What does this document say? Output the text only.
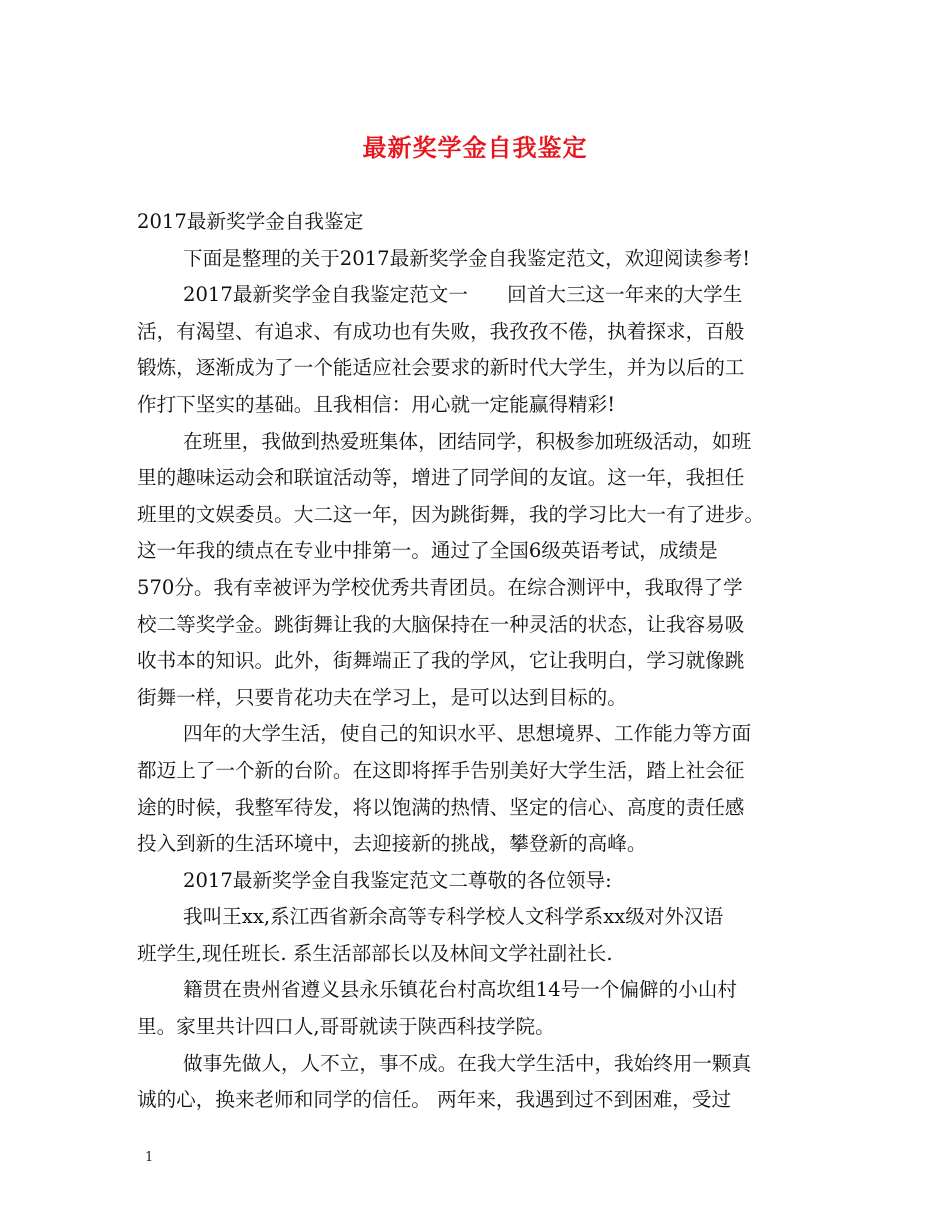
最新奖学金自我鉴定
2017最新奖学金自我鉴定
下面是整理的关于2017最新奖学金自我鉴定范文，欢迎阅读参考!
2017最新奖学金自我鉴定范文一　　回首大三这一年来的大学生
活，有渴望、有追求、有成功也有失败，我孜孜不倦，执着探求，百般
锻炼，逐渐成为了一个能适应社会要求的新时代大学生，并为以后的工
作打下坚实的基础。且我相信：用心就一定能赢得精彩!
在班里，我做到热爱班集体，团结同学，积极参加班级活动，如班
里的趣味运动会和联谊活动等，增进了同学间的友谊。这一年，我担任
班里的文娱委员。大二这一年，因为跳街舞，我的学习比大一有了进步。
这一年我的绩点在专业中排第一。通过了全国6级英语考试，成绩是
570分。我有幸被评为学校优秀共青团员。在综合测评中，我取得了学
校二等奖学金。跳街舞让我的大脑保持在一种灵活的状态，让我容易吸
收书本的知识。此外，街舞端正了我的学风，它让我明白，学习就像跳
街舞一样，只要肯花功夫在学习上，是可以达到目标的。
四年的大学生活，使自己的知识水平、思想境界、工作能力等方面
都迈上了一个新的台阶。在这即将挥手告别美好大学生活，踏上社会征
途的时候，我整军待发，将以饱满的热情、坚定的信心、高度的责任感
投入到新的生活环境中，去迎接新的挑战，攀登新的高峰。
2017最新奖学金自我鉴定范文二尊敬的各位领导:
我叫王xx,系江西省新余高等专科学校人文科学系xx级对外汉语
班学生,现任班长. 系生活部部长以及林间文学社副社长.
籍贯在贵州省遵义县永乐镇花台村高坎组14号一个偏僻的小山村
里。家里共计四口人,哥哥就读于陕西科技学院。
做事先做人，人不立，事不成。在我大学生活中，我始终用一颗真
诚的心，换来老师和同学的信任。 两年来，我遇到过不到困难，受过
1
